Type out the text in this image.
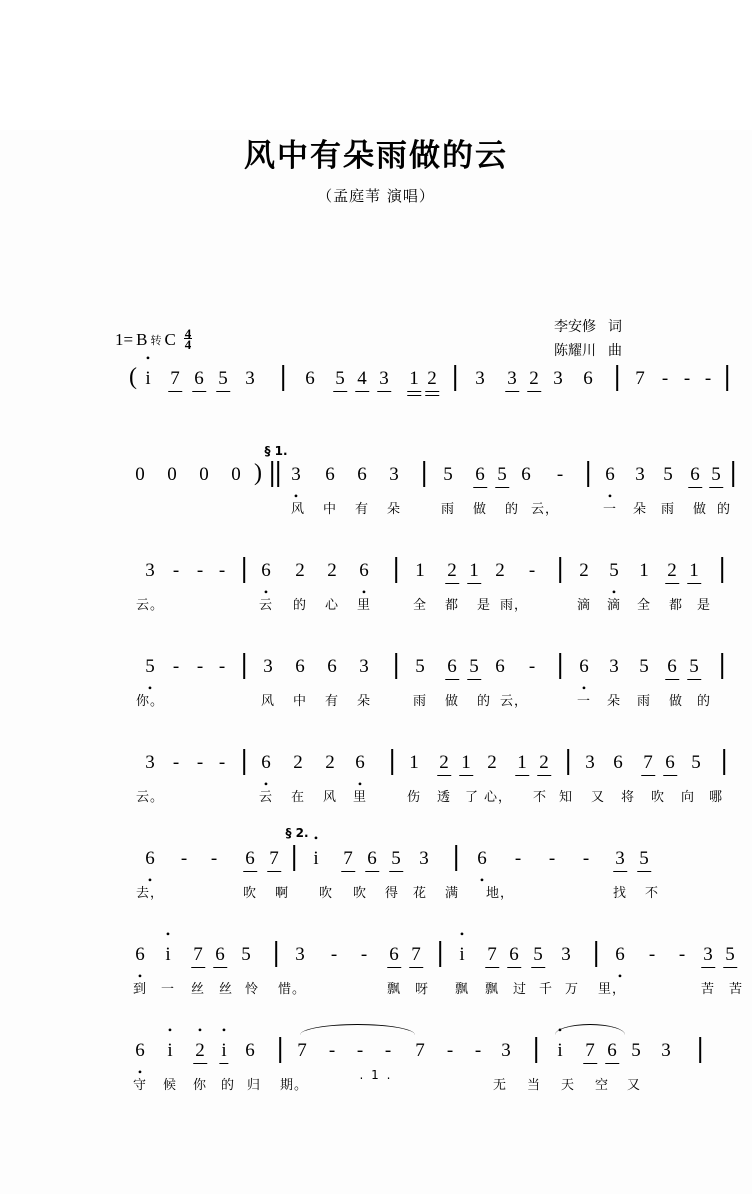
风中有朵雨做的云
（孟庭苇 演唱）
李安修 词
陈耀川 曲
1= B 转 C $\frac{4}{4}$
( • i 7 6 5 3	6 5 4 3 1 2 3 3 2 3 6 7 - - -
0 0 0 0 )
§ 1.
3 • 6 6 3 5 6 5 6 - 6 • 3 5 6 5
风 中 有 朵	雨 做 的 云，	一 朵 雨 做 的
3 - - - 6 • 2 2 6 • 1 2 1 2 - 2 5 • 1 2 1
云。	云 的 心 里	全 都 是 雨，	滴 滴 全 都 是
5 • - - - 3 6 6 3 5 6 5 6 - 6 • 3 5 6 5
你。	风 中 有 朵	雨 做 的 云，	一 朵 雨 做 的
3 - - - 6 • 2 2 6 • 1 2 1 2 1 2 3 6 7 6 5
云。	云 在 风 里	伤 透 了 心， 不 知 又 将 吹 向 哪
6 • - - 6 7
§ 2.
• i 7 6 5 3	6 • - - - 3 5
去，	吹 啊 吹 吹 得 花 满 地，	找 不
6 • • i 7 6 5 3 - - 6 7 • i 7 6 5 3 6 • - - 3 5
到 一 丝 丝 怜 惜。	飘 呀 飘 飘 过 千 万 里，	苦 苦
6 • • i • 2 • i 6 7 - - - 7 - - 3 • i 7 6 5 3
守 候 你 的 归 期。	无 当 天 空 又
. 1 .
